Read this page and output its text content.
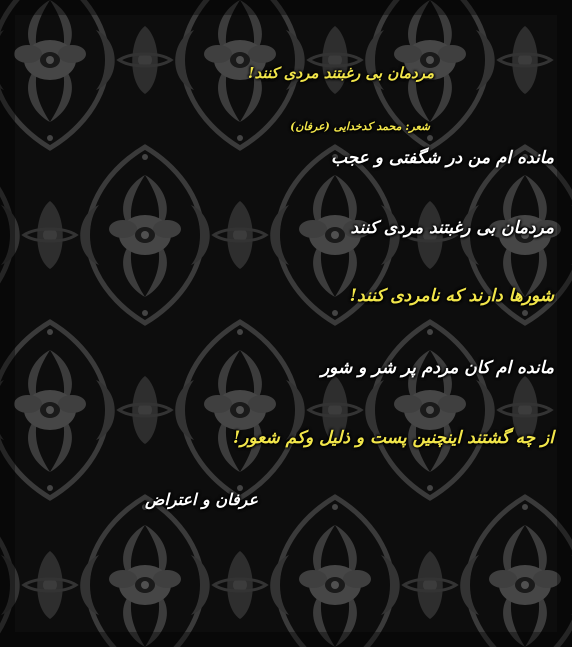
مردمان بی رغبتند مردی کنند!
شعر: محمد کدخدایی (عرفان)
مانده ام من در شگفتی و عجب
مردمان بی رغبتند مردی کنند
شورها دارند که نامردی کنند!
مانده ام کان مردم پر شر و شور
از چه گشتند اینچنین پست و ذلیل وکم شعور!
عرفان و اعتراض
